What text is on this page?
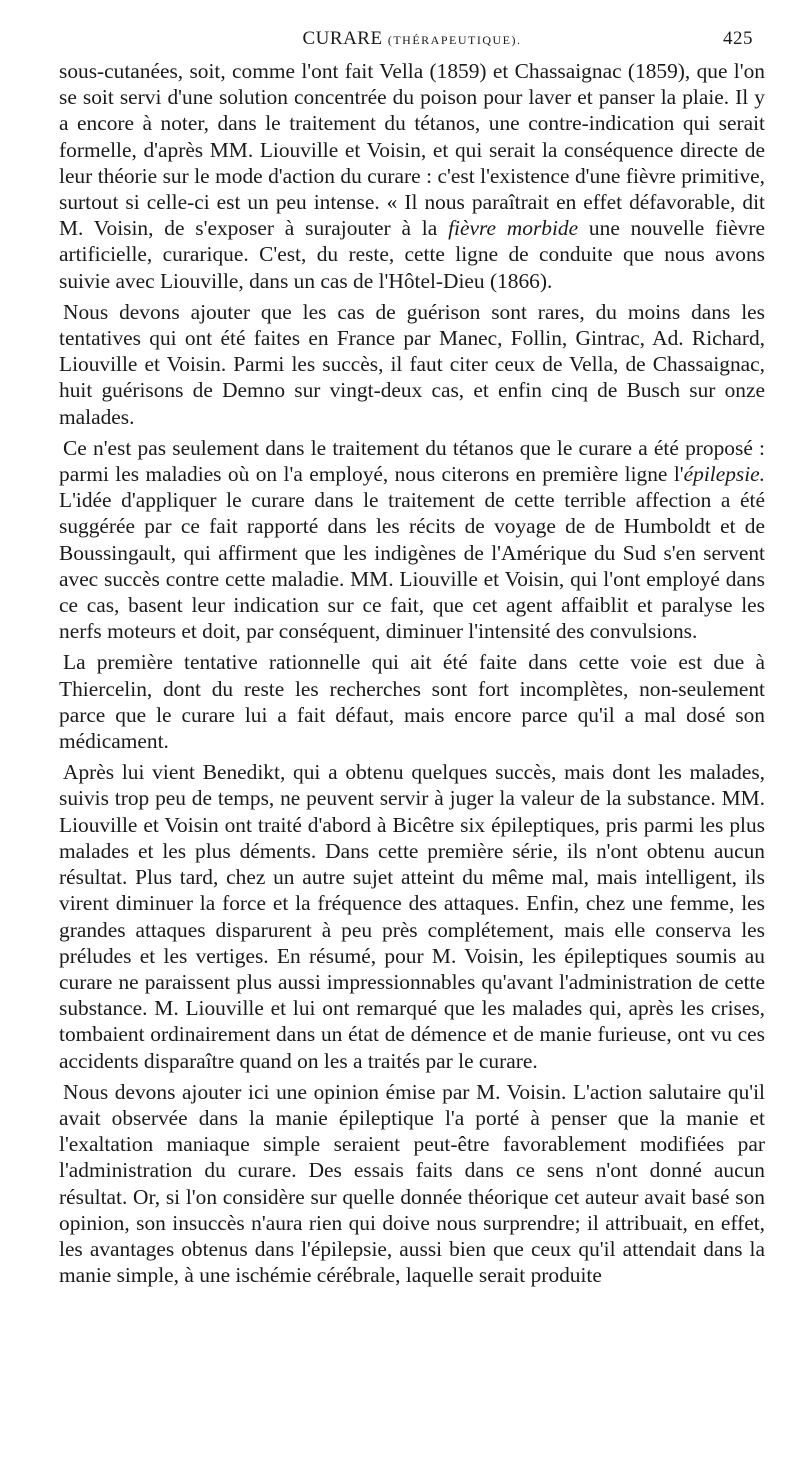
CURARE (THÉRAPEUTIQUE).	425

sous-cutanées, soit, comme l'ont fait Vella (1859) et Chassaignac (1859), que l'on se soit servi d'une solution concentrée du poison pour laver et panser la plaie. Il y a encore à noter, dans le traitement du tétanos, une contre-indication qui serait formelle, d'après MM. Liouville et Voisin, et qui serait la conséquence directe de leur théorie sur le mode d'action du curare : c'est l'existence d'une fièvre primitive, surtout si celle-ci est un peu intense. « Il nous paraîtrait en effet défavorable, dit M. Voisin, de s'exposer à surajouter à la fièvre morbide une nouvelle fièvre artificielle, curarique. C'est, du reste, cette ligne de conduite que nous avons suivie avec Liouville, dans un cas de l'Hôtel-Dieu (1866).

Nous devons ajouter que les cas de guérison sont rares, du moins dans les tentatives qui ont été faites en France par Manec, Follin, Gintrac, Ad. Richard, Liouville et Voisin. Parmi les succès, il faut citer ceux de Vella, de Chassaignac, huit guérisons de Demno sur vingt-deux cas, et enfin cinq de Busch sur onze malades.

Ce n'est pas seulement dans le traitement du tétanos que le curare a été proposé : parmi les maladies où on l'a employé, nous citerons en première ligne l'épilepsie. L'idée d'appliquer le curare dans le traitement de cette terrible affection a été suggérée par ce fait rapporté dans les récits de voyage de de Humboldt et de Boussingault, qui affirment que les indigènes de l'Amérique du Sud s'en servent avec succès contre cette maladie. MM. Liouville et Voisin, qui l'ont employé dans ce cas, basent leur indication sur ce fait, que cet agent affaiblit et paralyse les nerfs moteurs et doit, par conséquent, diminuer l'intensité des convulsions.

La première tentative rationnelle qui ait été faite dans cette voie est due à Thiercelin, dont du reste les recherches sont fort incomplètes, non-seulement parce que le curare lui a fait défaut, mais encore parce qu'il a mal dosé son médicament.

Après lui vient Benedikt, qui a obtenu quelques succès, mais dont les malades, suivis trop peu de temps, ne peuvent servir à juger la valeur de la substance. MM. Liouville et Voisin ont traité d'abord à Bicêtre six épileptiques, pris parmi les plus malades et les plus déments. Dans cette première série, ils n'ont obtenu aucun résultat. Plus tard, chez un autre sujet atteint du même mal, mais intelligent, ils virent diminuer la force et la fréquence des attaques. Enfin, chez une femme, les grandes attaques disparurent à peu près complétement, mais elle conserva les préludes et les vertiges. En résumé, pour M. Voisin, les épileptiques soumis au curare ne paraissent plus aussi impressionnables qu'avant l'administration de cette substance. M. Liouville et lui ont remarqué que les malades qui, après les crises, tombaient ordinairement dans un état de démence et de manie furieuse, ont vu ces accidents disparaître quand on les a traités par le curare.

Nous devons ajouter ici une opinion émise par M. Voisin. L'action salutaire qu'il avait observée dans la manie épileptique l'a porté à penser que la manie et l'exaltation maniaque simple seraient peut-être favorablement modifiées par l'administration du curare. Des essais faits dans ce sens n'ont donné aucun résultat. Or, si l'on considère sur quelle donnée théorique cet auteur avait basé son opinion, son insuccès n'aura rien qui doive nous surprendre; il attribuait, en effet, les avantages obtenus dans l'épilepsie, aussi bien que ceux qu'il attendait dans la manie simple, à une ischémie cérébrale, laquelle serait produite
